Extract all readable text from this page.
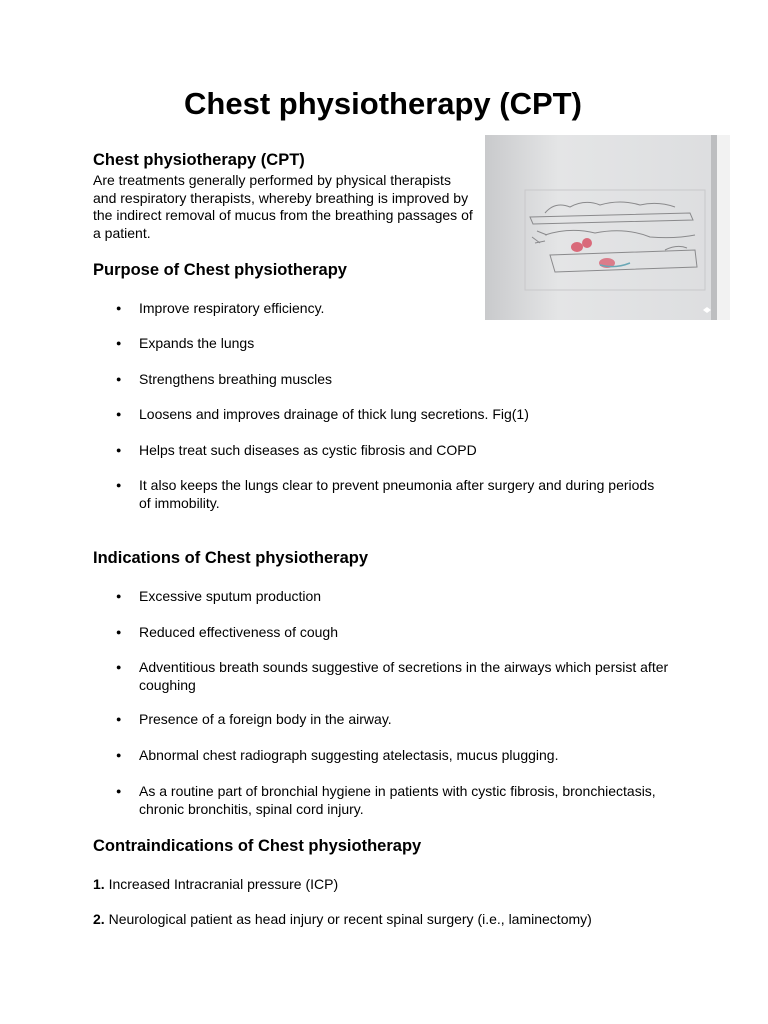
Chest physiotherapy (CPT)
Chest physiotherapy (CPT)

Are treatments generally performed by physical therapists and respiratory therapists, whereby breathing is improved by the indirect removal of mucus from the breathing passages of a patient.

Purpose of Chest physiotherapy
● Improve respiratory efficiency.
● Expands the lungs
● Strengthens breathing muscles
● Loosens and improves drainage of thick lung secretions. Fig(1)
● Helps treat such diseases as cystic fibrosis and COPD
● It also keeps the lungs clear to prevent pneumonia after surgery and during periods of immobility.
Indications of Chest physiotherapy
● Excessive sputum production
● Reduced effectiveness of cough
● Adventitious breath sounds suggestive of secretions in the airways which persist after coughing
● Presence of a foreign body in the airway.
● Abnormal chest radiograph suggesting atelectasis, mucus plugging.
● As a routine part of bronchial hygiene in patients with cystic fibrosis, bronchiectasis, chronic bronchitis, spinal cord injury.
Contraindications of Chest physiotherapy
1. Increased Intracranial pressure (ICP)
2. Neurological patient as head injury or recent spinal surgery (i.e., laminectomy)
